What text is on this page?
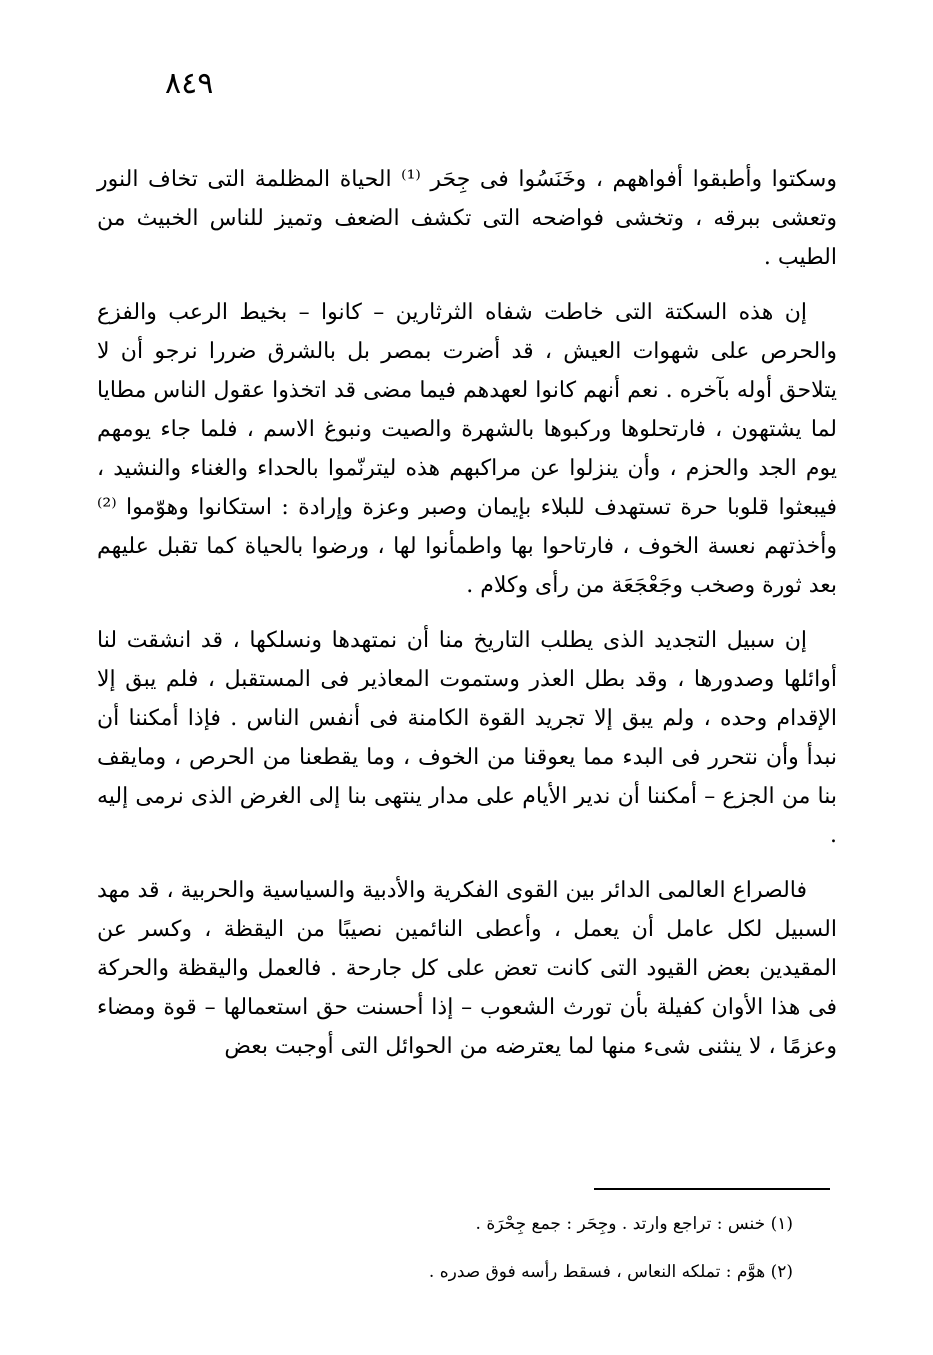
٨٤٩

وسكتوا وأطبقوا أفواههم ، وخَنَسُوا فى جِحَر ⁽¹⁾ الحياة المظلمة التى تخاف النور وتعشى ببرقه ، وتخشى فواضحه التى تكشف الضعف وتميز للناس الخبيث من الطيب .

إن هذه السكتة التى خاطت شفاه الثرثارين – كانوا – بخيط الرعب والفزع والحرص على شهوات العيش ، قد أضرت بمصر بل بالشرق ضررا نرجو أن لا يتلاحق أوله بآخره . نعم أنهم كانوا لعهدهم فيما مضى قد اتخذوا عقول الناس مطايا لما يشتهون ، فارتحلوها وركبوها بالشهرة والصيت ونبوغ الاسم ، فلما جاء يومهم يوم الجد والحزم ، وأن ينزلوا عن مراكبهم هذه ليترنّموا بالحداء والغناء والنشيد ، فيبعثوا قلوبا حرة تستهدف للبلاء بإيمان وصبر وعزة وإرادة : استكانوا وهوّموا ⁽²⁾ وأخذتهم نعسة الخوف ، فارتاحوا بها واطمأنوا لها ، ورضوا بالحياة كما تقبل عليهم بعد ثورة وصخب وجَعْجَعَة من رأى وكلام .

إن سبيل التجديد الذى يطلب التاريخ منا أن نمتهدها ونسلكها ، قد انشقت لنا أوائلها وصدورها ، وقد بطل العذر وستموت المعاذير فى المستقبل ، فلم يبق إلا الإقدام وحده ، ولم يبق إلا تجريد القوة الكامنة فى أنفس الناس . فإذا أمكننا أن نبدأ وأن نتحرر فى البدء مما يعوقنا من الخوف ، وما يقطعنا من الحرص ، ومايقف بنا من الجزع – أمكننا أن ندير الأيام على مدار ينتهى بنا إلى الغرض الذى نرمى إليه .

فالصراع العالمى الدائر بين القوى الفكرية والأدبية والسياسية والحربية ، قد مهد السبيل لكل عامل أن يعمل ، وأعطى النائمين نصيبًا من اليقظة ، وكسر عن المقيدين بعض القيود التى كانت تعض على كل جارحة . فالعمل واليقظة والحركة فى هذا الأوان كفيلة بأن تورث الشعوب – إذا أحسنت حق استعمالها – قوة ومضاء وعزمًا ، لا ينثنى شىء منها لما يعترضه من الحوائل التى أوجبت بعض

(١) خنس : تراجع وارتد . وجِحَر : جمع جِحْرَة .

(٢) هوَّم : تملكه النعاس ، فسقط رأسه فوق صدره .
